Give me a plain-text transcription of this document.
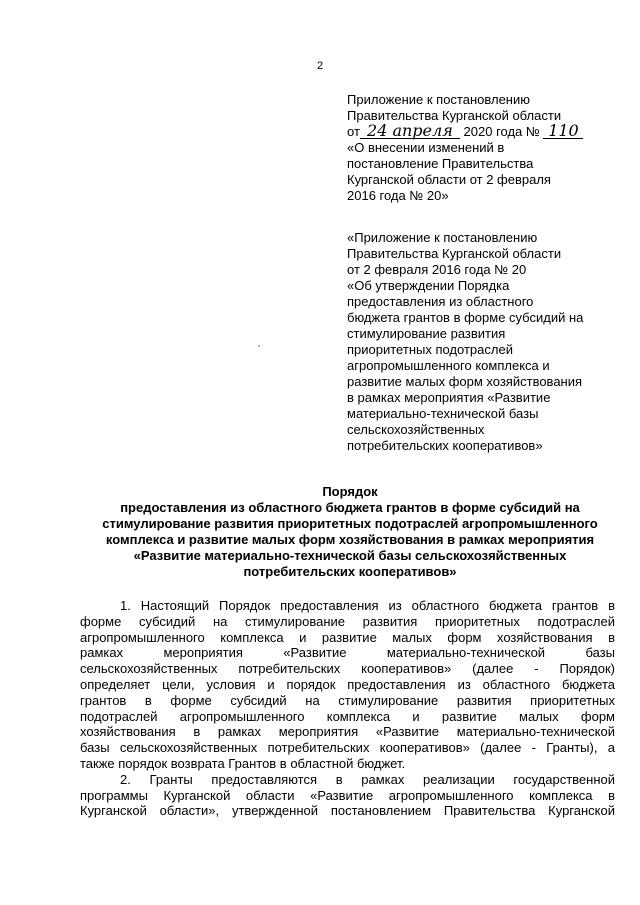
2
Приложение к постановлению
Правительства Курганской области
от 24 апреля 2020 года № 110
«О внесении изменений в
постановление Правительства
Курганской области от 2 февраля
2016 года № 20»
«Приложение к постановлению
Правительства Курганской области
от 2 февраля 2016 года № 20
«Об утверждении Порядка
предоставления из областного
бюджета грантов в форме субсидий на
стимулирование развития
приоритетных подотраслей
агропромышленного комплекса и
развитие малых форм хозяйствования
в рамках мероприятия «Развитие
материально-технической базы
сельскохозяйственных
потребительских кооперативов»
Порядок
предоставления из областного бюджета грантов в форме субсидий на
стимулирование развития приоритетных подотраслей агропромышленного
комплекса и развитие малых форм хозяйствования в рамках мероприятия
«Развитие материально-технической базы сельскохозяйственных
потребительских кооперативов»
1. Настоящий Порядок предоставления из областного бюджета грантов в
форме субсидий на стимулирование развития приоритетных подотраслей
агропромышленного комплекса и развитие малых форм хозяйствования в
рамках мероприятия «Развитие материально-технической базы
сельскохозяйственных потребительских кооперативов» (далее - Порядок)
определяет цели, условия и порядок предоставления из областного бюджета
грантов в форме субсидий на стимулирование развития приоритетных
подотраслей агропромышленного комплекса и развитие малых форм
хозяйствования в рамках мероприятия «Развитие материально-технической
базы сельскохозяйственных потребительских кооперативов» (далее - Гранты), а
также порядок возврата Грантов в областной бюджет.
2. Гранты предоставляются в рамках реализации государственной
программы Курганской области «Развитие агропромышленного комплекса в
Курганской области», утвержденной постановлением Правительства Курганской
